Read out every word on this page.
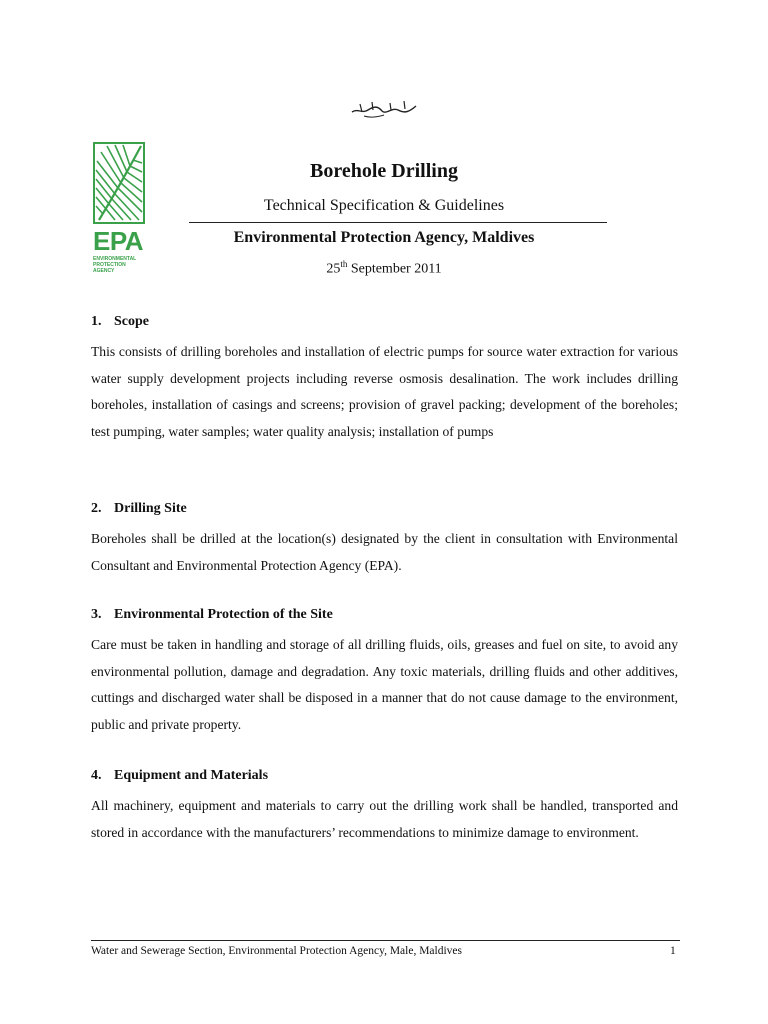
EPA
ENVIRONMENTAL
PROTECTION
AGENCY
Borehole Drilling
Technical Specification & Guidelines
Environmental Protection Agency, Maldives
25th September 2011
1. Scope

This consists of drilling boreholes and installation of electric pumps for source water extraction for various water supply development projects including reverse osmosis desalination. The work includes drilling boreholes, installation of casings and screens; provision of gravel packing; development of the boreholes; test pumping, water samples; water quality analysis; installation of pumps

2. Drilling Site

Boreholes shall be drilled at the location(s) designated by the client in consultation with Environmental Consultant and Environmental Protection Agency (EPA).

3. Environmental Protection of the Site

Care must be taken in handling and storage of all drilling fluids, oils, greases and fuel on site, to avoid any environmental pollution, damage and degradation. Any toxic materials, drilling fluids and other additives, cuttings and discharged water shall be disposed in a manner that do not cause damage to the environment, public and private property.

4. Equipment and Materials

All machinery, equipment and materials to carry out the drilling work shall be handled, transported and stored in accordance with the manufacturers’ recommendations to minimize damage to environment.

Water and Sewerage Section, Environmental Protection Agency, Male, Maldives	1
